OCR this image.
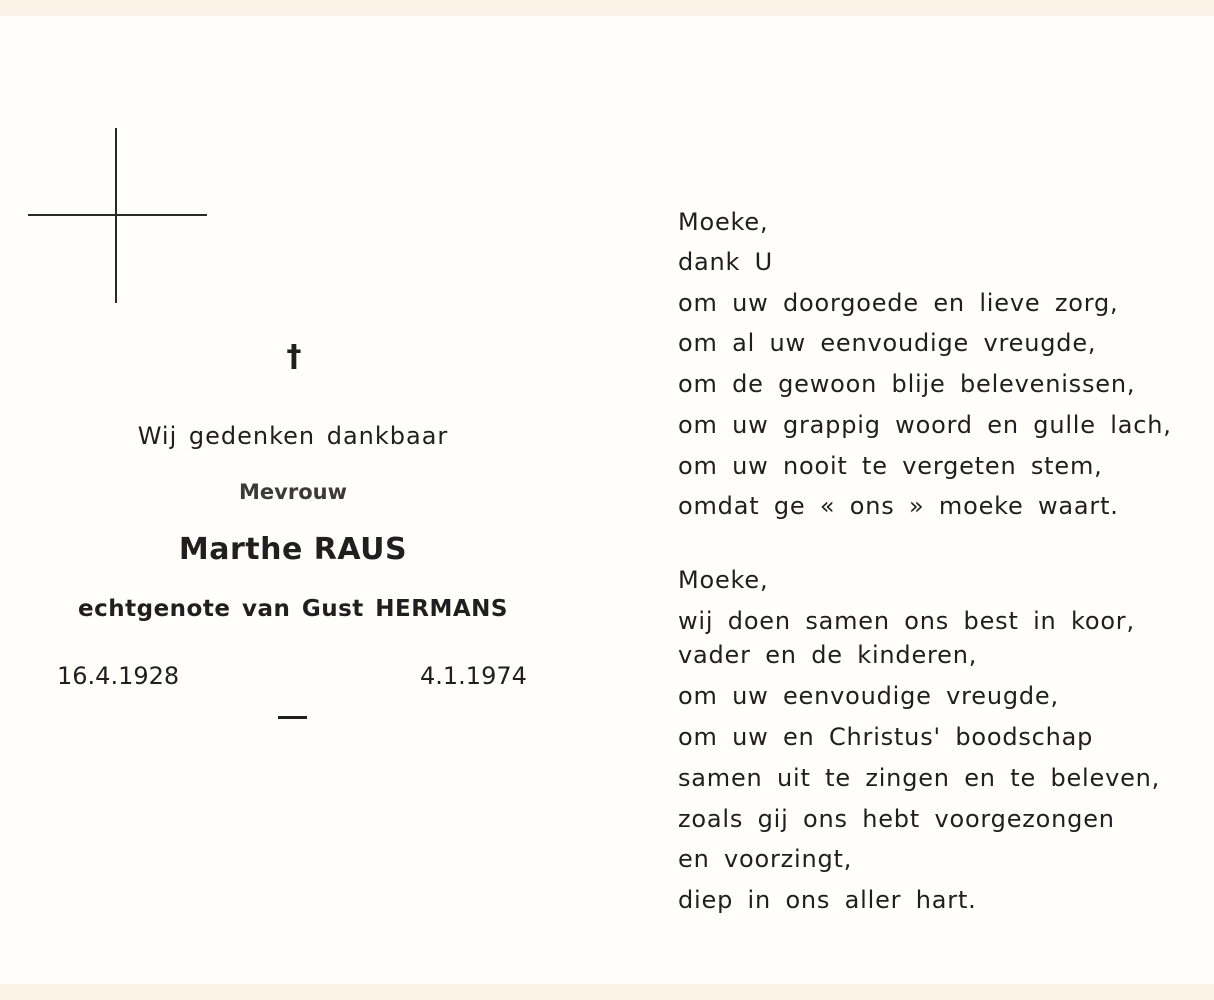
†
Wij gedenken dankbaar
Mevrouw
Marthe RAUS
echtgenote van Gust HERMANS
16.4.1928	4.1.1974
Moeke,
dank U
om uw doorgoede en lieve zorg,
om al uw eenvoudige vreugde,
om de gewoon blije belevenissen,
om uw grappig woord en gulle lach,
om uw nooit te vergeten stem,
omdat ge « ons » moeke waart.
Moeke,
wij doen samen ons best in koor,
vader en de kinderen,
om uw eenvoudige vreugde,
om uw en Christus' boodschap
samen uit te zingen en te beleven,
zoals gij ons hebt voorgezongen
en voorzingt,
diep in ons aller hart.
